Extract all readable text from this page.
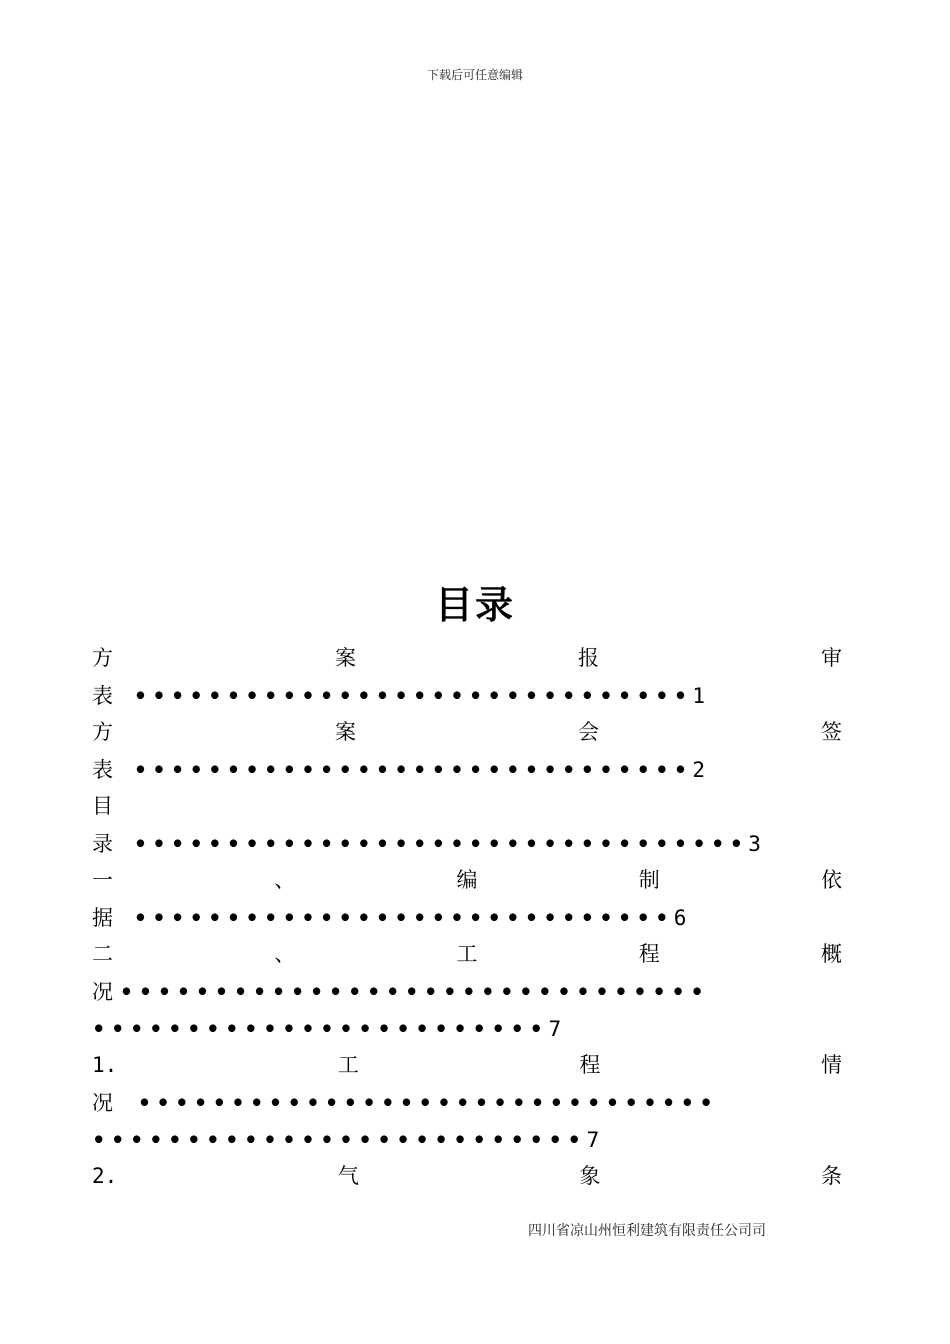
下载后可任意编辑
目录
方	案	报	审
表 ••••••••••••••••••••••••••••••1
方	案	会	签
表 ••••••••••••••••••••••••••••••2
目
录 •••••••••••••••••••••••••••••••••3
一	、	编	制	依
据 •••••••••••••••••••••••••••••6
二	、	工	程	概
况 •••••••••••••••••••••••••••••••
••••••••••••••••••••••••7
1.	工	程	情
况 •••••••••••••••••••••••••••••••
••••••••••••••••••••••••••7
2.	气	象	条
四川省凉山州恒利建筑有限责任公司司
